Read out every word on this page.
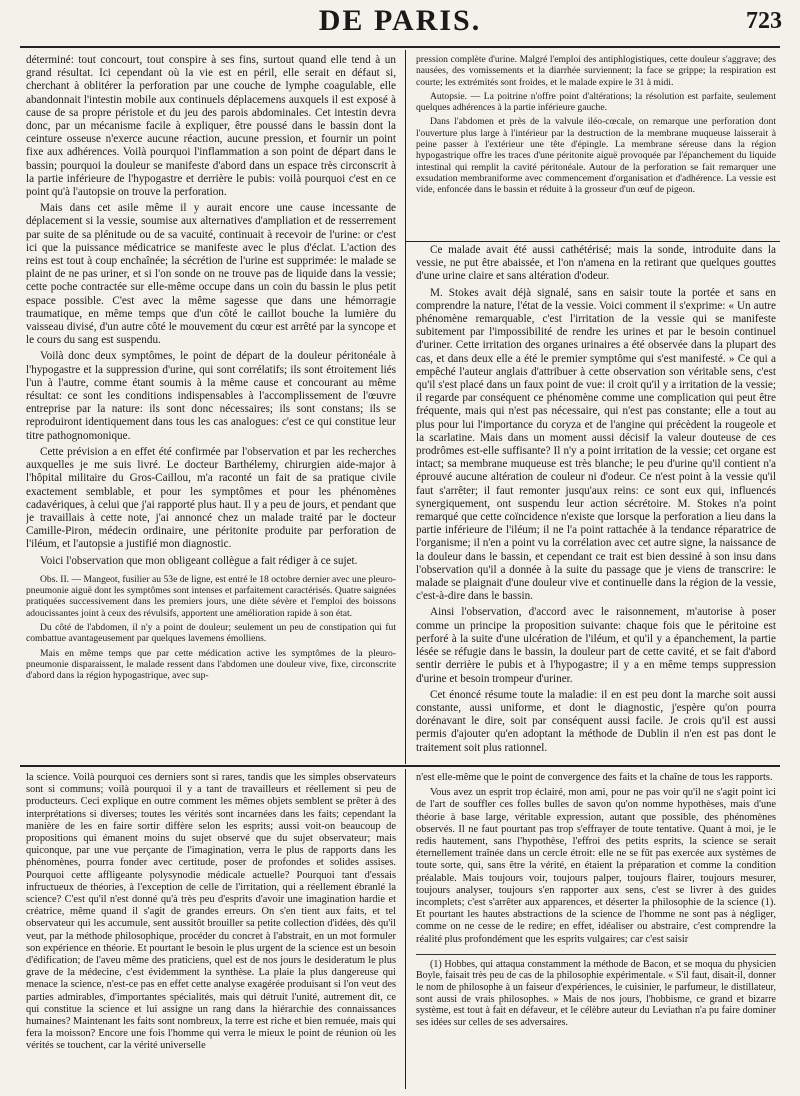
DE PARIS.	723

déterminé: tout concourt, tout conspire à ses fins, surtout quand elle tend à un grand résultat. Ici cependant où la vie est en péril, elle serait en défaut si, cherchant à oblitérer la perforation par une couche de lymphe coagulable, elle abandonnait l'intestin mobile aux continuels déplacemens auxquels il est exposé à cause de sa propre péristole et du jeu des parois abdominales. Cet intestin devra donc, par un mécanisme facile à expliquer, être poussé dans le bassin dont la ceinture osseuse n'exerce aucune réaction, aucune pression, et fournir un point fixe aux adhérences. Voilà pourquoi l'inflammation a son point de départ dans le bassin; pourquoi la douleur se manifeste d'abord dans un espace très circonscrit à la partie inférieure de l'hypogastre et derrière le pubis: voilà pourquoi c'est en ce point qu'à l'autopsie on trouve la perforation.

Mais dans cet asile même il y aurait encore une cause incessante de déplacement si la vessie, soumise aux alternatives d'ampliation et de resserrement par suite de sa plénitude ou de sa vacuité, continuait à recevoir de l'urine: or c'est ici que la puissance médicatrice se manifeste avec le plus d'éclat. L'action des reins est tout à coup enchaînée; la sécrétion de l'urine est supprimée: le malade se plaint de ne pas uriner, et si l'on sonde on ne trouve pas de liquide dans la vessie; cette poche contractée sur elle-même occupe dans un coin du bassin le plus petit espace possible. C'est avec la même sagesse que dans une hémorragie traumatique, en même temps que d'un côté le caillot bouche la lumière du vaisseau divisé, d'un autre côté le mouvement du cœur est arrêté par la syncope et le cours du sang est suspendu.

Voilà donc deux symptômes, le point de départ de la douleur péritonéale à l'hypogastre et la suppression d'urine, qui sont corrélatifs; ils sont étroitement liés l'un à l'autre, comme étant soumis à la même cause et concourant au même résultat: ce sont les conditions indispensables à l'accomplissement de l'œuvre entreprise par la nature: ils sont donc nécessaires; ils sont constans; ils se reproduiront identiquement dans tous les cas analogues: c'est ce qui constitue leur titre pathognomonique.

Cette prévision a en effet été confirmée par l'observation et par les recherches auxquelles je me suis livré. Le docteur Barthélemy, chirurgien aide-major à l'hôpital militaire du Gros-Caillou, m'a raconté un fait de sa pratique civile exactement semblable, et pour les symptômes et pour les phénomènes cadavériques, à celui que j'ai rapporté plus haut. Il y a peu de jours, et pendant que je travaillais à cette note, j'ai annoncé chez un malade traité par le docteur Camille-Piron, médecin ordinaire, une péritonite produite par perforation de l'iléum, et l'autopsie a justifié mon diagnostic.

Voici l'observation que mon obligeant collègue a fait rédiger à ce sujet.

Obs. II. — Mangeot, fusilier au 53e de ligne, est entré le 18 octobre dernier avec une pleuro-pneumonie aiguë dont les symptômes sont intenses et parfaitement caractérisés. Quatre saignées pratiquées successivement dans les premiers jours, une diète sévère et l'emploi des boissons adoucissantes joint à ceux des révulsifs, apportent une amélioration rapide à son état.

Du côté de l'abdomen, il n'y a point de douleur; seulement un peu de constipation qui fut combattue avantageusement par quelques lavemens émolliens.

Mais en même temps que par cette médication active les symptômes de la pleuro-pneumonie disparaissent, le malade ressent dans l'abdomen une douleur vive, fixe, circonscrite d'abord dans la région hypogastrique, avec sup-

pression complète d'urine. Malgré l'emploi des antiphlogistiques, cette douleur s'aggrave; des nausées, des vomissements et la diarrhée surviennent; la face se grippe; la respiration est courte; les extrémités sont froides, et le malade expire le 31 à midi.

Autopsie. — La poitrine n'offre point d'altérations; la résolution est parfaite, seulement quelques adhérences à la partie inférieure gauche.

Dans l'abdomen et près de la valvule iléo-cœcale, on remarque une perforation dont l'ouverture plus large à l'intérieur par la destruction de la membrane muqueuse laisserait à peine passer à l'extérieur une tête d'épingle. La membrane séreuse dans la région hypogastrique offre les traces d'une péritonite aiguë provoquée par l'épanchement du liquide intestinal qui remplit la cavité péritonéale. Autour de la perforation se fait remarquer une exsudation membraniforme avec commencement d'organisation et d'adhérence. La vessie est vide, enfoncée dans le bassin et réduite à la grosseur d'un œuf de pigeon.

Ce malade avait été aussi cathétérisé; mais la sonde, introduite dans la vessie, ne put être abaissée, et l'on n'amena en la retirant que quelques gouttes d'une urine claire et sans altération d'odeur.

M. Stokes avait déjà signalé, sans en saisir toute la portée et sans en comprendre la nature, l'état de la vessie. Voici comment il s'exprime: « Un autre phénomène remarquable, c'est l'irritation de la vessie qui se manifeste subitement par l'impossibilité de rendre les urines et par le besoin continuel d'uriner. Cette irritation des organes urinaires a été observée dans la plupart des cas, et dans deux elle a été le premier symptôme qui s'est manifesté. » Ce qui a empêché l'auteur anglais d'attribuer à cette observation son véritable sens, c'est qu'il s'est placé dans un faux point de vue: il croit qu'il y a irritation de la vessie; il regarde par conséquent ce phénomène comme une complication qui peut être fréquente, mais qui n'est pas nécessaire, qui n'est pas constante; elle a tout au plus pour lui l'importance du coryza et de l'angine qui précèdent la rougeole et la scarlatine. Mais dans un moment aussi décisif la valeur douteuse de ces prodrômes est-elle suffisante? Il n'y a point irritation de la vessie; cet organe est intact; sa membrane muqueuse est très blanche; le peu d'urine qu'il contient n'a éprouvé aucune altération de couleur ni d'odeur. Ce n'est point à la vessie qu'il faut s'arrêter; il faut remonter jusqu'aux reins: ce sont eux qui, influencés synergiquement, ont suspendu leur action sécrétoire. M. Stokes n'a point remarqué que cette coïncidence n'existe que lorsque la perforation a lieu dans la partie inférieure de l'iléum; il ne l'a point rattachée à la tendance réparatrice de l'organisme; il n'en a point vu la corrélation avec cet autre signe, la naissance de la douleur dans le bassin, et cependant ce trait est bien dessiné à son insu dans l'observation qu'il a donnée à la suite du passage que je viens de transcrire: le malade se plaignait d'une douleur vive et continuelle dans la région de la vessie, c'est-à-dire dans le bassin.

Ainsi l'observation, d'accord avec le raisonnement, m'autorise à poser comme un principe la proposition suivante: chaque fois que le péritoine est perforé à la suite d'une ulcération de l'iléum, et qu'il y a épanchement, la partie lésée se réfugie dans le bassin, la douleur part de cette cavité, et se fait d'abord sentir derrière le pubis et à l'hypogastre; il y a en même temps suppression d'urine et besoin trompeur d'uriner.

Cet énoncé résume toute la maladie: il en est peu dont la marche soit aussi constante, aussi uniforme, et dont le diagnostic, j'espère qu'on pourra dorénavant le dire, soit par conséquent aussi facile. Je crois qu'il est aussi permis d'ajouter qu'en adoptant la méthode de Dublin il n'en est pas dont le traitement soit plus rationnel.

la science. Voilà pourquoi ces derniers sont si rares, tandis que les simples observateurs sont si communs; voilà pourquoi il y a tant de travailleurs et réellement si peu de producteurs. Ceci explique en outre comment les mêmes objets semblent se prêter à des interprétations si diverses; toutes les vérités sont incarnées dans les faits; cependant la manière de les en faire sortir diffère selon les esprits; aussi voit-on beaucoup de propositions qui émanent moins du sujet observé que du sujet observateur; mais quiconque, par une vue perçante de l'imagination, verra le plus de rapports dans les phénomènes, pourra fonder avec certitude, poser de profondes et solides assises. Pourquoi cette affligeante polysynodie médicale actuelle? Pourquoi tant d'essais infructueux de théories, à l'exception de celle de l'irritation, qui a réellement ébranlé la science? C'est qu'il n'est donné qu'à très peu d'esprits d'avoir une imagination hardie et créatrice, même quand il s'agit de grandes erreurs. On s'en tient aux faits, et tel observateur qui les accumule, sent aussitôt brouiller sa petite collection d'idées, dès qu'il veut, par la méthode philosophique, procéder du concret à l'abstrait, en un mot formuler son expérience en théorie. Et pourtant le besoin le plus urgent de la science est un besoin d'édification; de l'aveu même des praticiens, quel est de nos jours le desideratum le plus grave de la médecine, c'est évidemment la synthèse. La plaie la plus dangereuse qui menace la science, n'est-ce pas en effet cette analyse exagérée produisant si l'on veut des parties admirables, d'importantes spécialités, mais qui détruit l'unité, autrement dit, ce qui constitue la science et lui assigne un rang dans la hiérarchie des connaissances humaines? Maintenant les faits sont nombreux, la terre est riche et bien remuée, mais qui fera la moisson? Encore une fois l'homme qui verra le mieux le point de réunion où les vérités se touchent, car la vérité universelle

n'est elle-même que le point de convergence des faits et la chaîne de tous les rapports.

Vous avez un esprit trop éclairé, mon ami, pour ne pas voir qu'il ne s'agit point ici de l'art de souffler ces folles bulles de savon qu'on nomme hypothèses, mais d'une théorie à base large, véritable expression, autant que possible, des phénomènes observés. Il ne faut pourtant pas trop s'effrayer de toute tentative. Quant à moi, je le redis hautement, sans l'hypothèse, l'effroi des petits esprits, la science se serait éternellement traînée dans un cercle étroit: elle ne se fût pas exercée aux systèmes de toute sorte, qui, sans être la vérité, en étaient la préparation et comme la condition préalable. Mais toujours voir, toujours palper, toujours flairer, toujours mesurer, toujours analyser, toujours s'en rapporter aux sens, c'est se livrer à des guides incomplets; c'est s'arrêter aux apparences, et déserter la philosophie de la science (1). Et pourtant les hautes abstractions de la science de l'homme ne sont pas à négliger, comme on ne cesse de le redire; en effet, idéaliser ou abstraire, c'est comprendre la réalité plus profondément que les esprits vulgaires; car c'est saisir

(1) Hobbes, qui attaqua constamment la méthode de Bacon, et se moqua du physicien Boyle, faisait très peu de cas de la philosophie expérimentale. « S'il faut, disait-il, donner le nom de philosophe à un faiseur d'expériences, le cuisinier, le parfumeur, le distillateur, sont aussi de vrais philosophes. » Mais de nos jours, l'hobbisme, ce grand et bizarre système, est tout à fait en défaveur, et le célèbre auteur du Leviathan n'a pu faire dominer ses idées sur celles de ses adversaires.
